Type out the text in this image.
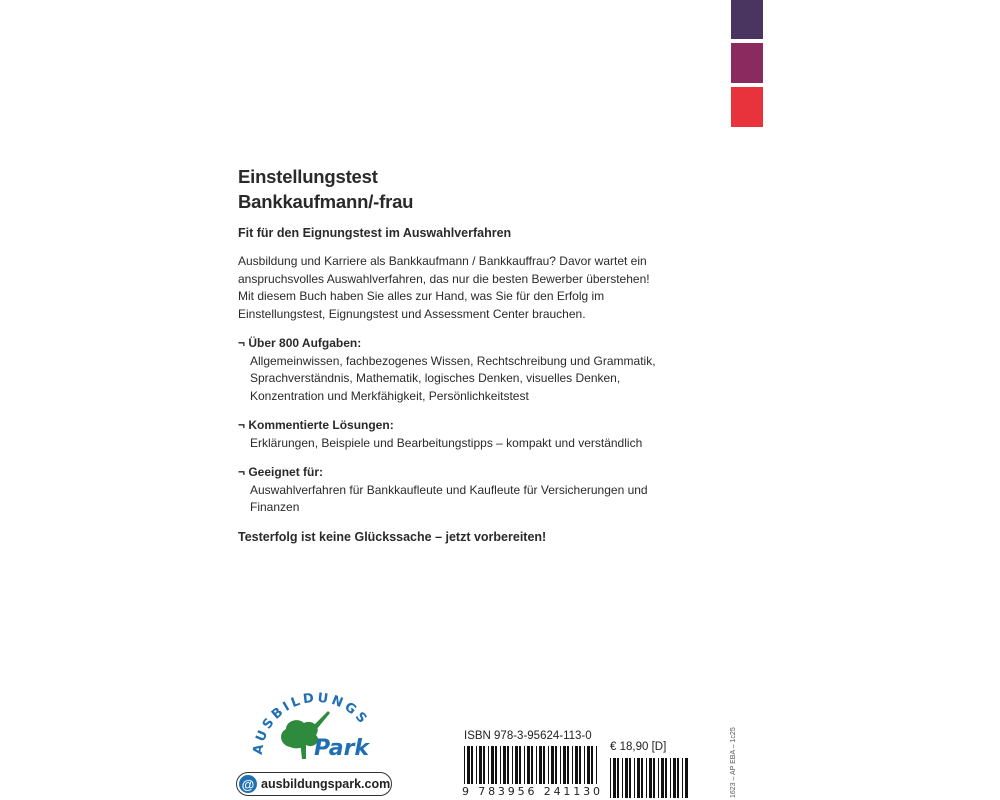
Einstellungstest
Bankkaufmann/-frau

Fit für den Eignungstest im Auswahlverfahren

Ausbildung und Karriere als Bankkaufmann / Bankkauffrau? Davor wartet ein anspruchsvolles Auswahlverfahren, das nur die besten Bewerber überstehen! Mit diesem Buch haben Sie alles zur Hand, was Sie für den Erfolg im Einstellungstest, Eignungstest und Assessment Center brauchen.

¬ Über 800 Aufgaben:
Allgemeinwissen, fachbezogenes Wissen, Rechtschreibung und Grammatik, Sprachverständnis, Mathematik, logisches Denken, visuelles Denken, Konzentration und Merkfähigkeit, Persönlichkeitstest
¬ Kommentierte Lösungen:
Erklärungen, Beispiele und Bearbeitungstipps – kompakt und verständlich
¬ Geeignet für:
Auswahlverfahren für Bankkaufleute und Kaufleute für Versicherungen und Finanzen
Testerfolg ist keine Glückssache – jetzt vorbereiten!
AUSBILDUNGS
Park
@ ausbildungspark.com
ISBN 978-3-95624-113-0
9 783956 241130
€ 18,90 [D]	1623 – AP EBA – 1c25
